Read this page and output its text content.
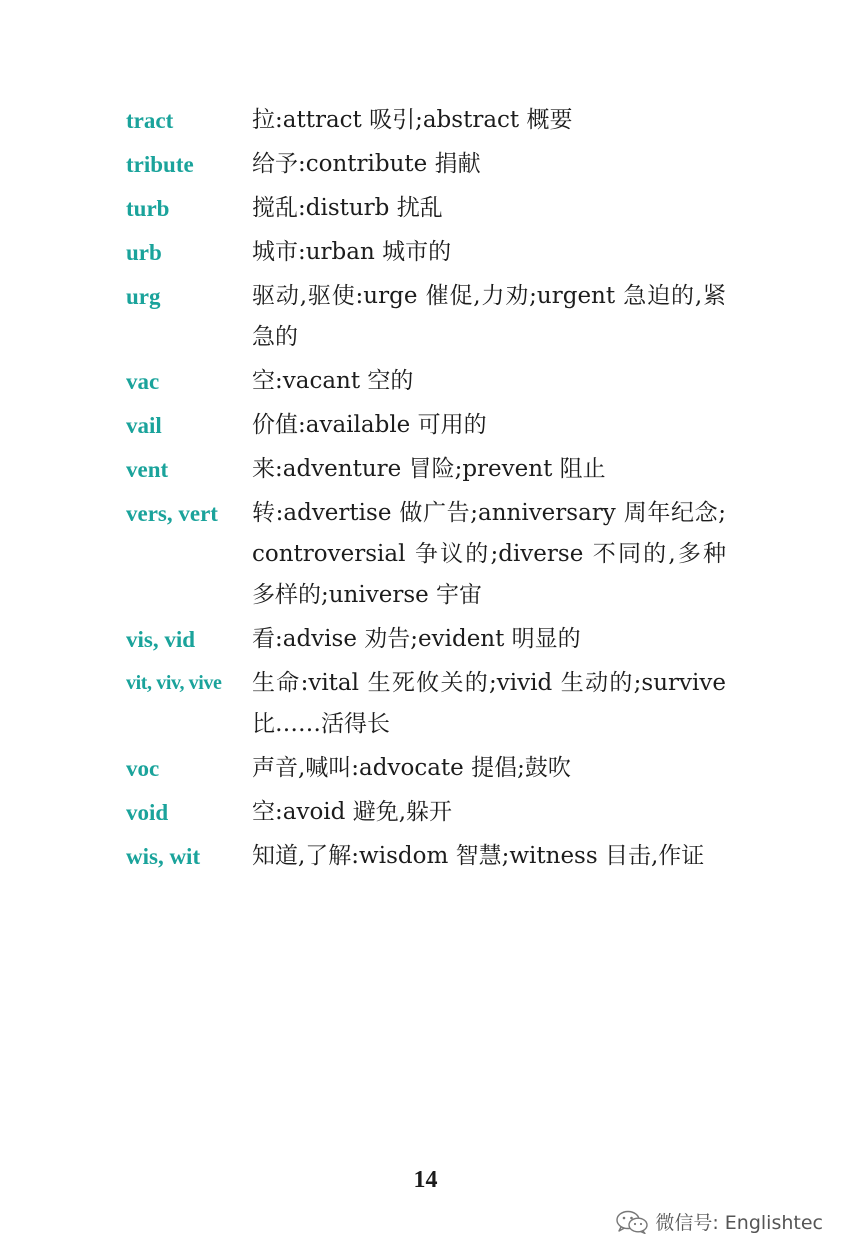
tract	拉:attract 吸引;abstract 概要
tribute	给予:contribute 捐献
turb	搅乱:disturb 扰乱
urb	城市:urban 城市的
urg	驱动,驱使:urge 催促,力劝;urgent 急迫的,紧急的
vac	空:vacant 空的
vail	价值:available 可用的
vent	来:adventure 冒险;prevent 阻止
vers, vert	转:advertise 做广告;anniversary 周年纪念;controversial 争议的;diverse 不同的,多种多样的;universe 宇宙
vis, vid	看:advise 劝告;evident 明显的
vit, viv, vive	生命:vital 生死攸关的;vivid 生动的;survive 比……活得长
voc	声音,喊叫:advocate 提倡;鼓吹
void	空:avoid 避免,躲开
wis, wit	知道,了解:wisdom 智慧;witness 目击,作证
14
微信号: Englishtec
